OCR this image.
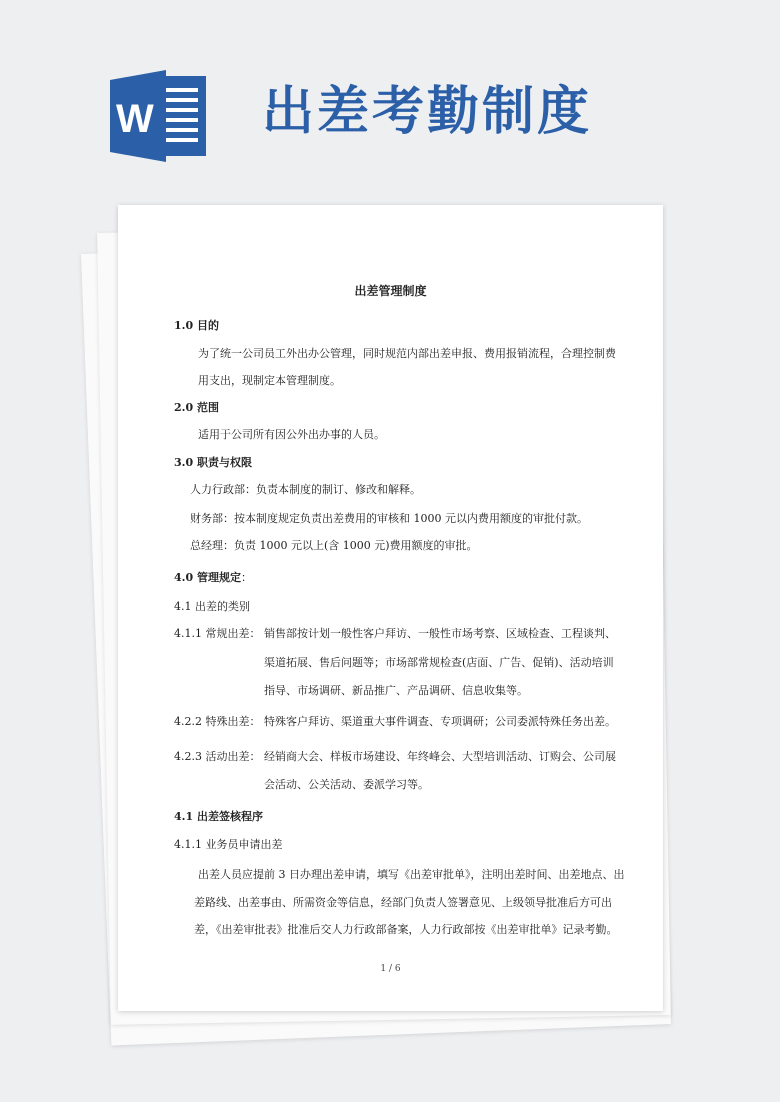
W 出差考勤制度
出差管理制度
1.0 目的
为了统一公司员工外出办公管理，同时规范内部出差申报、费用报销流程，合理控制费
用支出，现制定本管理制度。
2.0 范围
适用于公司所有因公外出办事的人员。
3.0 职责与权限
人力行政部：负责本制度的制订、修改和解释。
财务部：按本制度规定负责出差费用的审核和 1000 元以内费用额度的审批付款。
总经理：负责 1000 元以上(含 1000 元)费用额度的审批。
4.0 管理规定：
4.1 出差的类别
4.1.1 常规出差： 销售部按计划一般性客户拜访、一般性市场考察、区域检查、工程谈判、
渠道拓展、售后问题等；市场部常规检查(店面、广告、促销)、活动培训
指导、市场调研、新品推广、产品调研、信息收集等。
4.2.2 特殊出差： 特殊客户拜访、渠道重大事件调查、专项调研；公司委派特殊任务出差。
4.2.3 活动出差： 经销商大会、样板市场建设、年终峰会、大型培训活动、订购会、公司展
会活动、公关活动、委派学习等。
4.1 出差签核程序
4.1.1 业务员申请出差
出差人员应提前 3 日办理出差申请，填写《出差审批单》，注明出差时间、出差地点、出
差路线、出差事由、所需资金等信息，经部门负责人签署意见、上级领导批准后方可出
差，《出差审批表》批准后交人力行政部备案，人力行政部按《出差审批单》记录考勤。
1 / 6
